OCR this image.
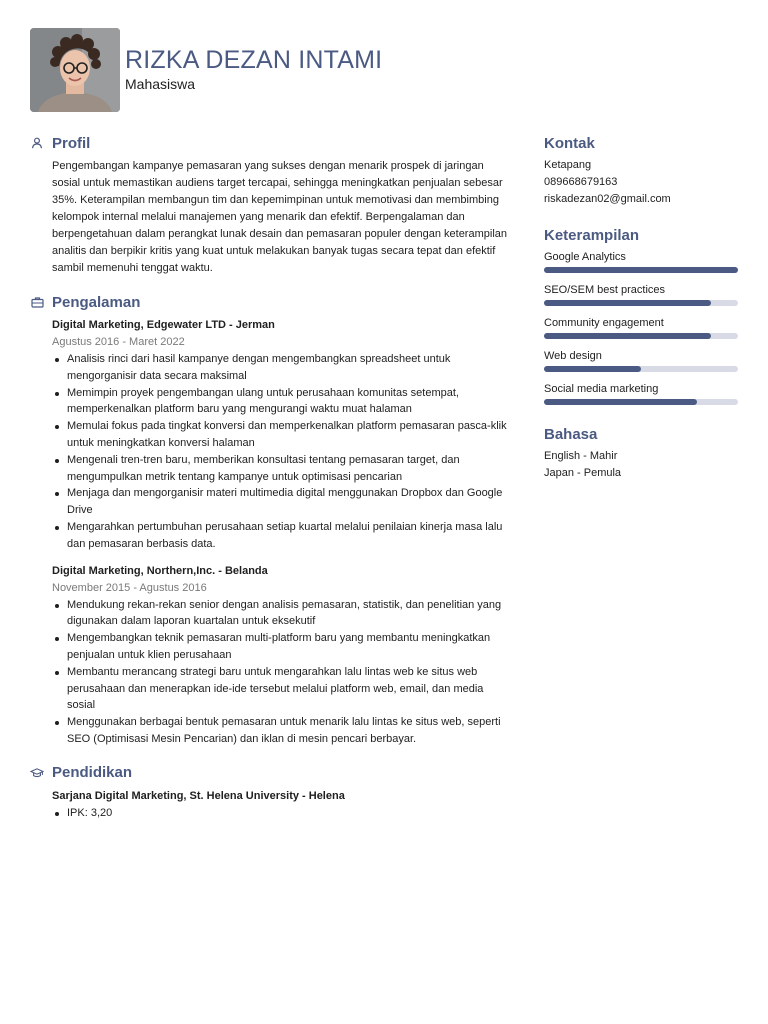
RIZKA DEZAN INTAMI
Mahasiswa
Profil
Pengembangan kampanye pemasaran yang sukses dengan menarik prospek di jaringan sosial untuk memastikan audiens target tercapai, sehingga meningkatkan penjualan sebesar 35%. Keterampilan membangun tim dan kepemimpinan untuk memotivasi dan membimbing kelompok internal melalui manajemen yang menarik dan efektif. Berpengalaman dan berpengetahuan dalam perangkat lunak desain dan pemasaran populer dengan keterampilan analitis dan berpikir kritis yang kuat untuk melakukan banyak tugas secara tepat dan efektif sambil memenuhi tenggat waktu.
Pengalaman
Digital Marketing, Edgewater LTD - Jerman
Agustus 2016 - Maret 2022
Analisis rinci dari hasil kampanye dengan mengembangkan spreadsheet untuk mengorganisir data secara maksimal
Memimpin proyek pengembangan ulang untuk perusahaan komunitas setempat, memperkenalkan platform baru yang mengurangi waktu muat halaman
Memulai fokus pada tingkat konversi dan memperkenalkan platform pemasaran pasca-klik untuk meningkatkan konversi halaman
Mengenali tren-tren baru, memberikan konsultasi tentang pemasaran target, dan mengumpulkan metrik tentang kampanye untuk optimisasi pencarian
Menjaga dan mengorganisir materi multimedia digital menggunakan Dropbox dan Google Drive
Mengarahkan pertumbuhan perusahaan setiap kuartal melalui penilaian kinerja masa lalu dan pemasaran berbasis data.
Digital Marketing, Northern,Inc. - Belanda
November 2015 - Agustus 2016
Mendukung rekan-rekan senior dengan analisis pemasaran, statistik, dan penelitian yang digunakan dalam laporan kuartalan untuk eksekutif
Mengembangkan teknik pemasaran multi-platform baru yang membantu meningkatkan penjualan untuk klien perusahaan
Membantu merancang strategi baru untuk mengarahkan lalu lintas web ke situs web perusahaan dan menerapkan ide-ide tersebut melalui platform web, email, dan media sosial
Menggunakan berbagai bentuk pemasaran untuk menarik lalu lintas ke situs web, seperti SEO (Optimisasi Mesin Pencarian) dan iklan di mesin pencari berbayar.
Pendidikan
Sarjana Digital Marketing, St. Helena University - Helena
IPK: 3,20
Kontak
Ketapang
089668679163
riskadezan02@gmail.com
Keterampilan
Google Analytics
SEO/SEM best practices
Community engagement
Web design
Social media marketing
Bahasa
English - Mahir
Japan - Pemula
